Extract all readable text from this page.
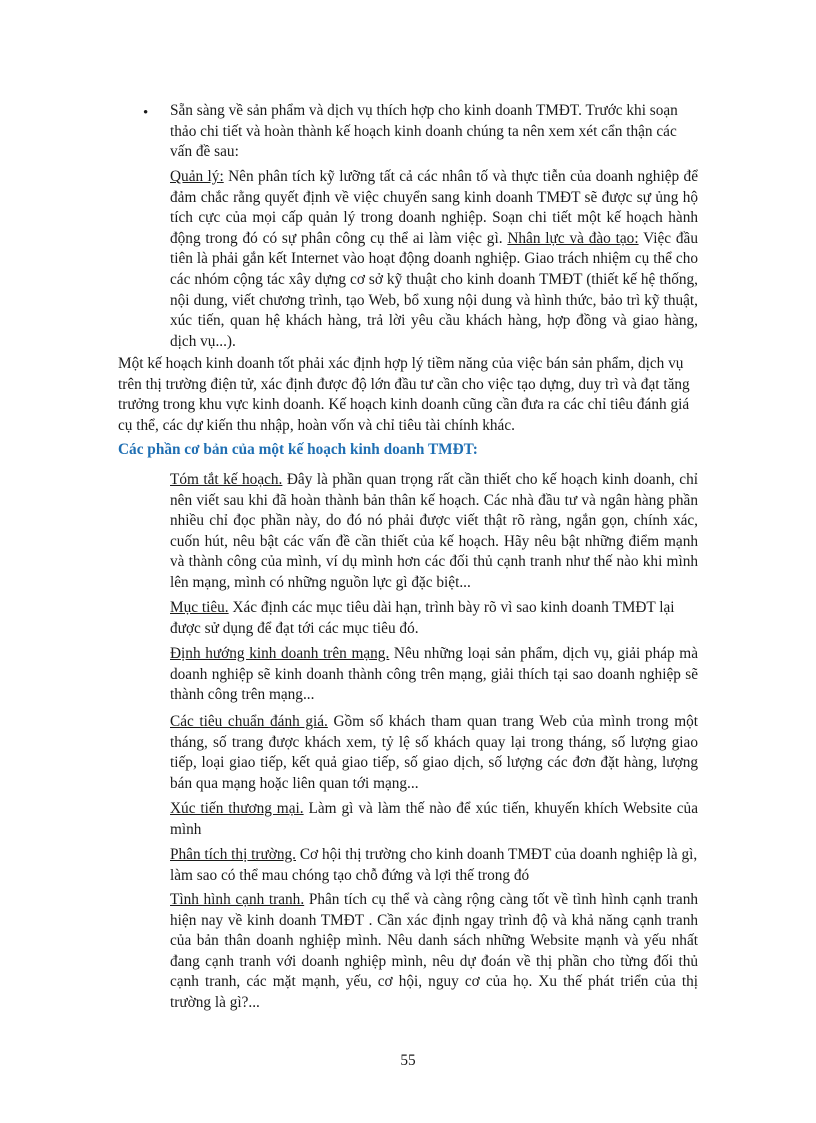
• Sẵn sàng về sản phẩm và dịch vụ thích hợp cho kinh doanh TMĐT. Trước khi soạn thảo chi tiết và hoàn thành kế hoạch kinh doanh chúng ta nên xem xét cẩn thận các vấn đề sau:

Quản lý: Nên phân tích kỹ lưỡng tất cả các nhân tố và thực tiễn của doanh nghiệp để đảm chắc rằng quyết định về việc chuyển sang kinh doanh TMĐT sẽ được sự ủng hộ tích cực của mọi cấp quản lý trong doanh nghiệp. Soạn chi tiết một kế hoạch hành động trong đó có sự phân công cụ thể ai làm việc gì. Nhân lực và đào tạo: Việc đầu tiên là phải gắn kết Internet vào hoạt động doanh nghiệp. Giao trách nhiệm cụ thể cho các nhóm cộng tác xây dựng cơ sở kỹ thuật cho kinh doanh TMĐT (thiết kế hệ thống, nội dung, viết chương trình, tạo Web, bổ xung nội dung và hình thức, bảo trì kỹ thuật, xúc tiến, quan hệ khách hàng, trả lời yêu cầu khách hàng, hợp đồng và giao hàng, dịch vụ...).

Một kế hoạch kinh doanh tốt phải xác định hợp lý tiềm năng của việc bán sản phẩm, dịch vụ trên thị trường điện tử, xác định được độ lớn đầu tư cần cho việc tạo dựng, duy trì và đạt tăng trưởng trong khu vực kinh doanh. Kế hoạch kinh doanh cũng cần đưa ra các chỉ tiêu đánh giá cụ thể, các dự kiến thu nhập, hoàn vốn và chỉ tiêu tài chính khác.

Các phần cơ bản của một kế hoạch kinh doanh TMĐT:

Tóm tắt kế hoạch. Đây là phần quan trọng rất cần thiết cho kế hoạch kinh doanh, chỉ nên viết sau khi đã hoàn thành bản thân kế hoạch. Các nhà đầu tư và ngân hàng phần nhiều chỉ đọc phần này, do đó nó phải được viết thật rõ ràng, ngắn gọn, chính xác, cuốn hút, nêu bật các vấn đề cần thiết của kế hoạch. Hãy nêu bật những điểm mạnh và thành công của mình, ví dụ mình hơn các đối thủ cạnh tranh như thế nào khi mình lên mạng, mình có những nguồn lực gì đặc biệt...

Mục tiêu. Xác định các mục tiêu dài hạn, trình bày rõ vì sao kinh doanh TMĐT lại được sử dụng để đạt tới các mục tiêu đó.

Định hướng kinh doanh trên mạng. Nêu những loại sản phẩm, dịch vụ, giải pháp mà doanh nghiệp sẽ kinh doanh thành công trên mạng, giải thích tại sao doanh nghiệp sẽ thành công trên mạng...

Các tiêu chuẩn đánh giá. Gồm số khách tham quan trang Web của mình trong một tháng, số trang được khách xem, tỷ lệ số khách quay lại trong tháng, số lượng giao tiếp, loại giao tiếp, kết quả giao tiếp, số giao dịch, số lượng các đơn đặt hàng, lượng bán qua mạng hoặc liên quan tới mạng...

Xúc tiến thương mại. Làm gì và làm thế nào để xúc tiến, khuyến khích Website của mình

Phân tích thị trường. Cơ hội thị trường cho kinh doanh TMĐT của doanh nghiệp là gì, làm sao có thể mau chóng tạo chỗ đứng và lợi thế trong đó

Tình hình cạnh tranh. Phân tích cụ thể và càng rộng càng tốt về tình hình cạnh tranh hiện nay về kinh doanh TMĐT . Cần xác định ngay trình độ và khả năng cạnh tranh của bản thân doanh nghiệp mình. Nêu danh sách những Website mạnh và yếu nhất đang cạnh tranh với doanh nghiệp mình, nêu dự đoán về thị phần cho từng đối thủ cạnh tranh, các mặt mạnh, yếu, cơ hội, nguy cơ của họ. Xu thế phát triển của thị trường là gì?...

55
